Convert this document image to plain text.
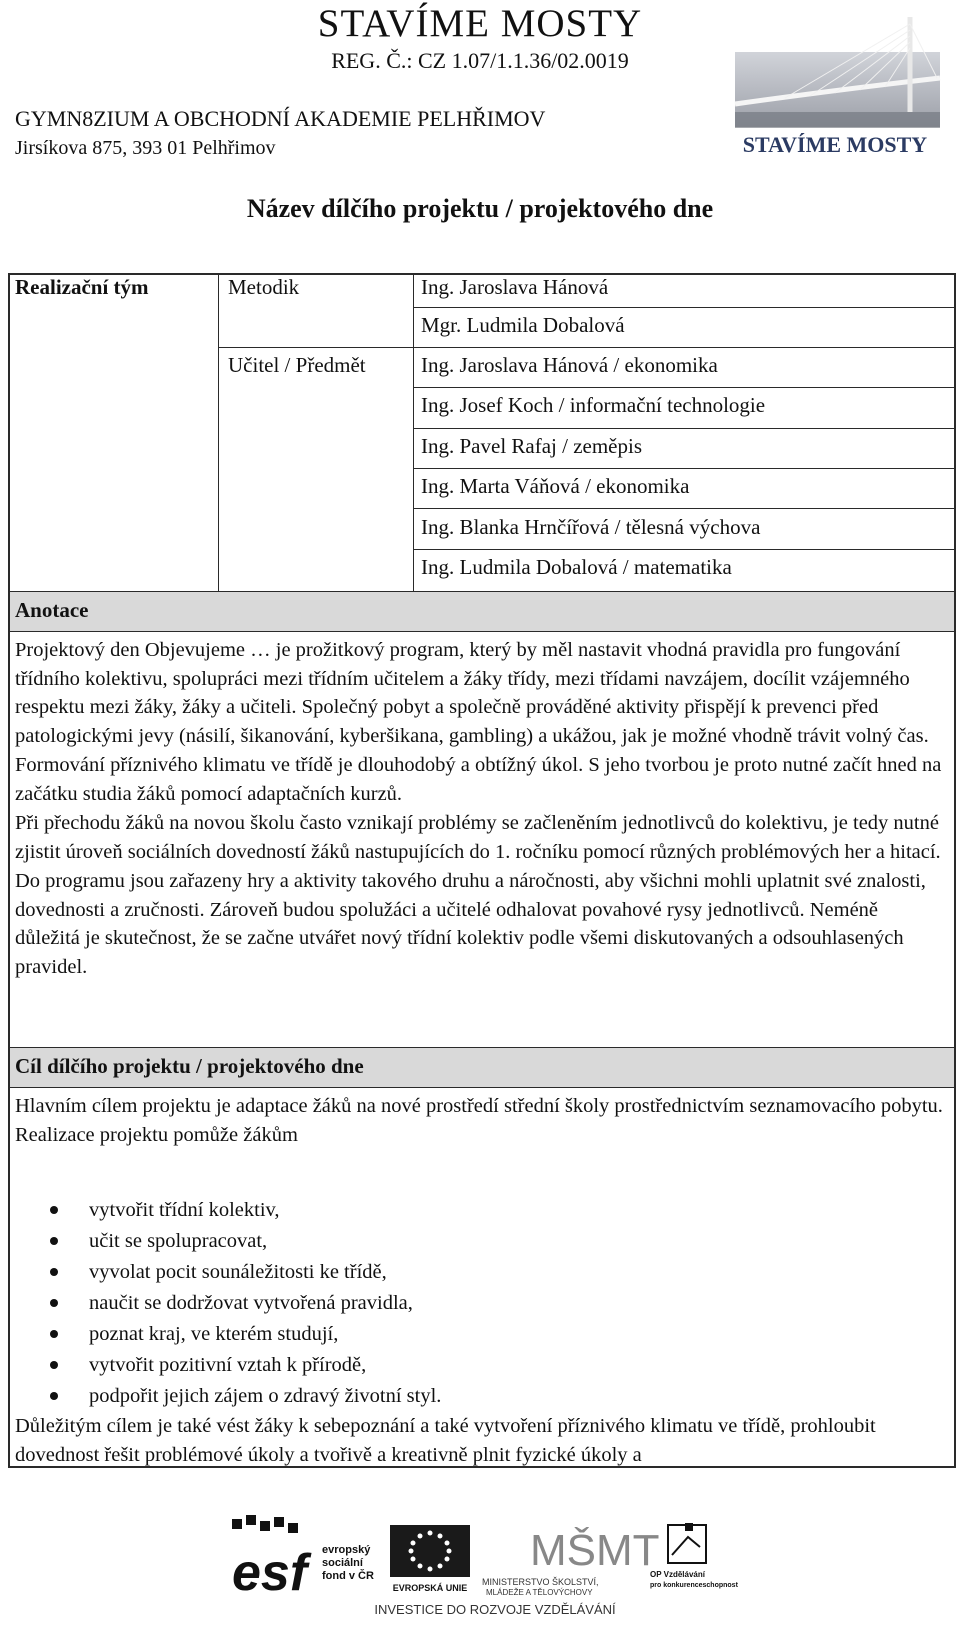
STAVÍME MOSTY
REG. Č.: CZ 1.07/1.1.36/02.0019
GYMN8ZIUM A OBCHODNÍ AKADEMIE PELHŘIMOV
Jirsíkova 875, 393 01 Pelhřimov	STAVÍME MOSTY
Název dílčího projektu / projektového dne
Realizační tým	Metodik	Ing. Jaroslava Hánová
Mgr. Ludmila Dobalová
Učitel / Předmět	Ing. Jaroslava Hánová / ekonomika
Ing. Josef Koch / informační technologie
Ing. Pavel Rafaj / zeměpis
Ing. Marta Váňová / ekonomika
Ing. Blanka Hrnčířová / tělesná výchova
Ing. Ludmila Dobalová / matematika
Anotace
Cíl dílčího projektu / projektového dne

Projektový den Objevujeme … je prožitkový program, který by měl nastavit vhodná pravidla pro fungování třídního kolektivu, spolupráci mezi třídním učitelem a žáky třídy, mezi třídami navzájem, docílit vzájemného respektu mezi žáky, žáky a učiteli. Společný pobyt a společně prováděné aktivity přispějí k prevenci před patologickými jevy (násilí, šikanování, kyberšikana, gambling) a ukážou, jak je možné vhodně trávit volný čas.

Formování příznivého klimatu ve třídě je dlouhodobý a obtížný úkol. S jeho tvorbou je proto nutné začít hned na začátku studia žáků pomocí adaptačních kurzů.

Při přechodu žáků na novou školu často vznikají problémy se začleněním jednotlivců do kolektivu, je tedy nutné zjistit úroveň sociálních dovedností žáků nastupujících do 1. ročníku pomocí různých problémových her a hitací.

Do programu jsou zařazeny hry a aktivity takového druhu a náročnosti, aby všichni mohli uplatnit své znalosti, dovednosti a zručnosti. Zároveň budou spolužáci a učitelé odhalovat povahové rysy jednotlivců. Neméně důležitá je skutečnost, že se začne utvářet nový třídní kolektiv podle všemi diskutovaných a odsouhlasených pravidel.

Hlavním cílem projektu je adaptace žáků na nové prostředí střední školy prostřednictvím seznamovacího pobytu. Realizace projektu pomůže žákům
vytvořit třídní kolektiv,
učit se spolupracovat,
vyvolat pocit sounáležitosti ke třídě,
naučit se dodržovat vytvořená pravidla,
poznat kraj, ve kterém studují,
vytvořit pozitivní vztah k přírodě,
podpořit jejich zájem o zdravý životní styl.
Důležitým cílem je také vést žáky k sebepoznání a také vytvoření příznivého klimatu ve třídě, prohloubit dovednost řešit problémové úkoly a tvořivě a kreativně plnit fyzické úkoly a
esf	evropský
sociální
fond v ČR
EVROPSKÁ UNIE
MŠMT
MINISTERSTVO ŠKOLSTVÍ,
MLÁDEŽE A TĚLOVÝCHOVY
OP Vzdělávání
pro konkurenceschopnost
INVESTICE DO ROZVOJE VZDĚLÁVÁNÍ
